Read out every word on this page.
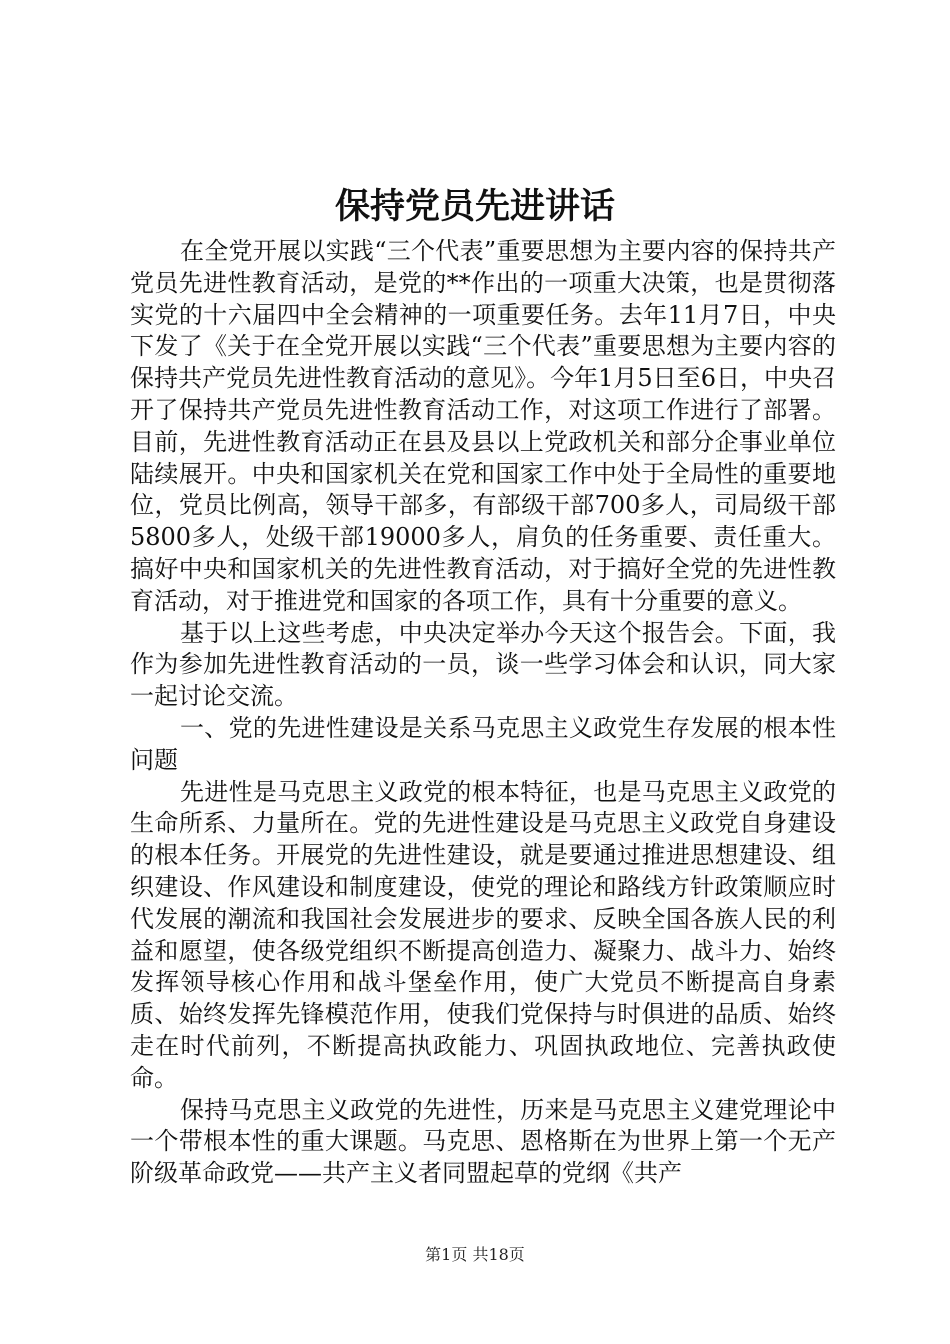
保持党员先进讲话

在全党开展以实践“三个代表”重要思想为主要内容的保持共产党员先进性教育活动，是党的**作出的一项重大决策，也是贯彻落实党的十六届四中全会精神的一项重要任务。去年11月7日，中央下发了《关于在全党开展以实践“三个代表”重要思想为主要内容的保持共产党员先进性教育活动的意见》。今年1月5日至6日，中央召开了保持共产党员先进性教育活动工作，对这项工作进行了部署。目前，先进性教育活动正在县及县以上党政机关和部分企事业单位陆续展开。中央和国家机关在党和国家工作中处于全局性的重要地位，党员比例高，领导干部多，有部级干部700多人，司局级干部5800多人，处级干部19000多人，肩负的任务重要、责任重大。搞好中央和国家机关的先进性教育活动，对于搞好全党的先进性教育活动，对于推进党和国家的各项工作，具有十分重要的意义。

基于以上这些考虑，中央决定举办今天这个报告会。下面，我作为参加先进性教育活动的一员，谈一些学习体会和认识，同大家一起讨论交流。

一、党的先进性建设是关系马克思主义政党生存发展的根本性问题

先进性是马克思主义政党的根本特征，也是马克思主义政党的生命所系、力量所在。党的先进性建设是马克思主义政党自身建设的根本任务。开展党的先进性建设，就是要通过推进思想建设、组织建设、作风建设和制度建设，使党的理论和路线方针政策顺应时代发展的潮流和我国社会发展进步的要求、反映全国各族人民的利益和愿望，使各级党组织不断提高创造力、凝聚力、战斗力、始终发挥领导核心作用和战斗堡垒作用，使广大党员不断提高自身素质、始终发挥先锋模范作用，使我们党保持与时俱进的品质、始终走在时代前列，不断提高执政能力、巩固执政地位、完善执政使命。

保持马克思主义政党的先进性，历来是马克思主义建党理论中一个带根本性的重大课题。马克思、恩格斯在为世界上第一个无产阶级革命政党——共产主义者同盟起草的党纲《共产

第1页 共18页
